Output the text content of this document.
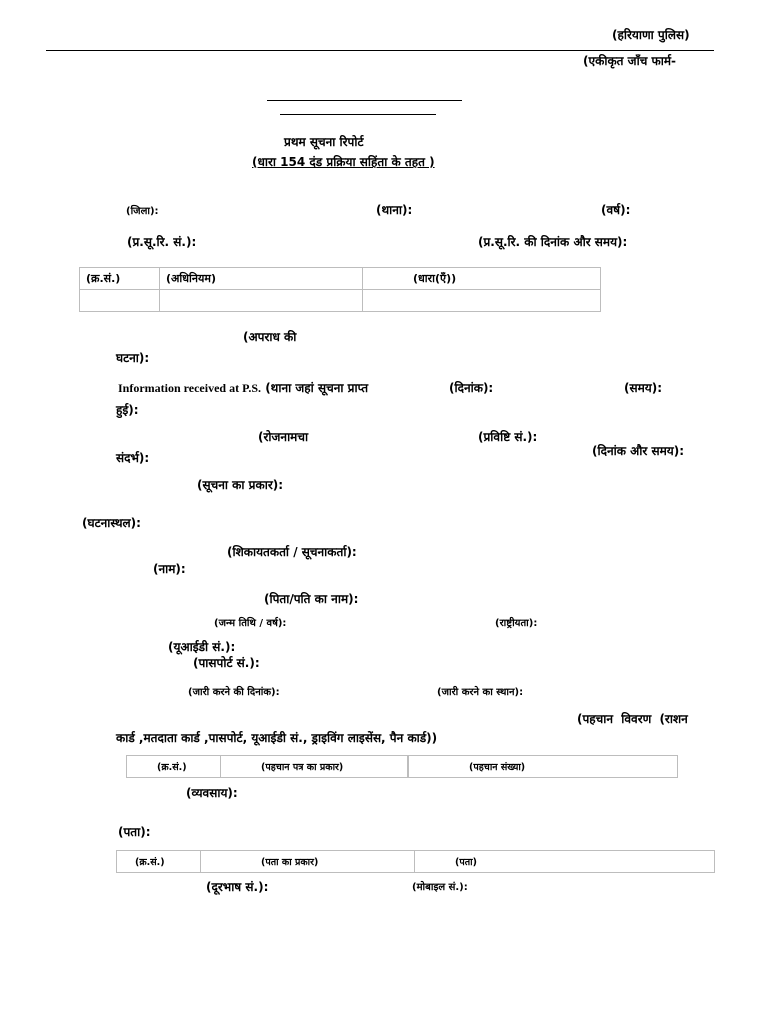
(हरियाणा पुलिस)
(एकीकृत जाँच फार्म-
प्रथम सूचना रिपोर्ट
(धारा 154 दंड प्रक्रिया सहिंता के तहत )
(जिला):	(थाना):	(वर्ष):
(प्र.सू.रि. सं.):	(प्र.सू.रि. की दिनांक और समय):
(क्र.सं.)	(अधिनियम)	(धारा(एँ))

(अपराध की
घटना):
Information received at P.S. (थाना जहां सूचना प्राप्त	(दिनांक):	(समय):
हुई):
(रोजनामचा	(प्रविष्टि सं.):
(दिनांक और समय):
संदर्भ):
(सूचना का प्रकार):
(घटनास्थल):
(शिकायतकर्ता / सूचनाकर्ता):
(नाम):
(पिता/पति का नाम):
(जन्म तिथि / वर्ष):	(राष्ट्रीयता):
(यूआईडी सं.):
(पासपोर्ट सं.):
(जारी करने की दिनांक):	(जारी करने का स्थान):
(पहचान विवरण (राशन
कार्ड ,मतदाता कार्ड ,पासपोर्ट, यूआईडी सं., ड्राइविंग लाइसेंस, पैन कार्ड))
(क्र.सं.)	(पहचान पत्र का प्रकार)	(पहचान संख्या)
(व्यवसाय):
(पता):
(क्र.सं.)	(पता का प्रकार)	(पता)
(दूरभाष सं.):	(मोबाइल सं.):
